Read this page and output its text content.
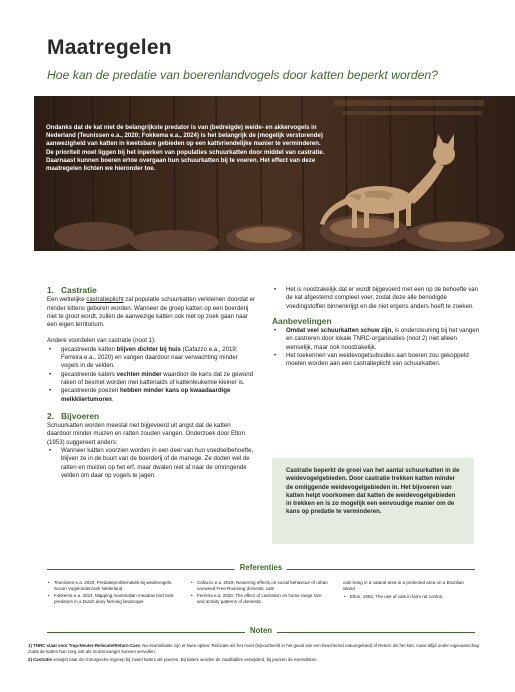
Maatregelen
Hoe kan de predatie van boerenlandvogels door katten beperkt worden?
Ondanks dat de kat niet de belangrijkste predator is van (bedreigde) weide- en akkervogels in Nederland (Teunissen e.a., 2020; Fokkema e.a., 2024) is het belangrijk de (mogelijk verstorende) aanwezigheid van katten in kwetsbare gebieden op een kattvriendelijke manier te verminderen. De prioriteit moet liggen bij het inperken van populaties schuurkatten door middel van castratie. Daarnaast kunnen boeren ertoe overgaan hun schuurkatten bij te voeren. Het effect van deze maatregelen lichten we hieronder toe.
1. Castratie

Een wettelijke castratieplicht zal populatie schuurkatten verkleinen doordat er minder kittens geboren worden. Wanneer de groep katten op een boerderij niet te groot wordt, zullen de aanwezige katten ook niet op zoek gaan naar een eigen territorium.

Andere voordelen van castratie (noot 1):

• gecastreerde katten blijven dichter bij huis (Cafazzo e.a., 2019; Ferreira e.a., 2020) en vangen daardoor naar verwachting minder vogels in de velden.
• gecastreerde katers vechten minder waardoor de kans dat ze gewond raken of besmet worden met kattenaids of kattenleukemie kleiner is.
• gecastreerde poezen hebben minder kans op kwaadaardige melkkliertumoren.
2. Bijvoeren

Schuurkatten worden meestal niet bijgevoerd uit angst dat de katten daardoor minder muizen en ratten zouden vangen. Onderzoek door Elton (1953) suggereert anders:

• Wanneer katten voorzien worden in een deel van hun voedselbehoefte, blijven ze in de buurt van de boerderij of de manege. Ze doden wel de ratten en muizen op het erf, maar dwalen niet af naar de omringende velden om daar op vogels te jagen.
• Het is noodzakelijk dat er wordt bijgevoerd met een op de behoefte van de kat afgestemd compleet voer, zodat deze alle benodigde voedingstoffen binnenkrijgt en die niet ergens anders hoeft te zoeken.
Aanbevelingen
• Omdat veel schuurkatten schuw zijn, is ondersteuning bij het vangen en castreren door lokale TNRC-organisaties (noot 2) niet alleen wenselijk, maar ook noodzakelijk.
• Het toekennen van weidevogelsubsidies aan boeren zou gekoppeld moeten worden aan een castratieplicht van schuurkatten.
Castratie beperkt de groei van het aantal schuurkatten in de weidevogelgebieden. Door castratie trekken katten minder de omliggende weidevogelgebieden in. Het bijvoeren van katten helpt voorkomen dat katten de weidevogelgebieden in trekken en is zo mogelijk een eenvoudige manier om de kans op predatie te verminderen.
Referenties
• Teunissen e.a. 2020, Predatieproblematiek bij weidevogels. Sovon Vogelonderzoek Nederland
• Fokkema e.a. 2024, Mapping mammalian meadow bird nest predators in a Dutch dairy farming landscape
• Cafazzo e.a. 2019, Neutering effects on social behaviour of urban unowned Free-Roaming domestic cats
• Ferreira e.a. 2020, The effect of castration on home range size and activity patterns of domestic
cats living in a natural area in a protected area on a Brazilian island
• Elton, 1953, The use of cats in farm rat control.
Noten

1) TNRC staat voor Trap-Neuter-Relocate/Return-Care. Na neutralisatie zijn er twee opties: Relocate als het moet (bijvoorbeeld in het geval van een beschermd natuurgebied) of Return als het kan, maar altijd onder eigenaarschap zodat de katten hun zorg ook als muizenvanger kunnen vervullen.

2) Castratie verwijst naar de chirurgische ingreep bij zowel katers als poezen. Bij katers worden de zaadballen verwijderd, bij poezen de eierstokken.
